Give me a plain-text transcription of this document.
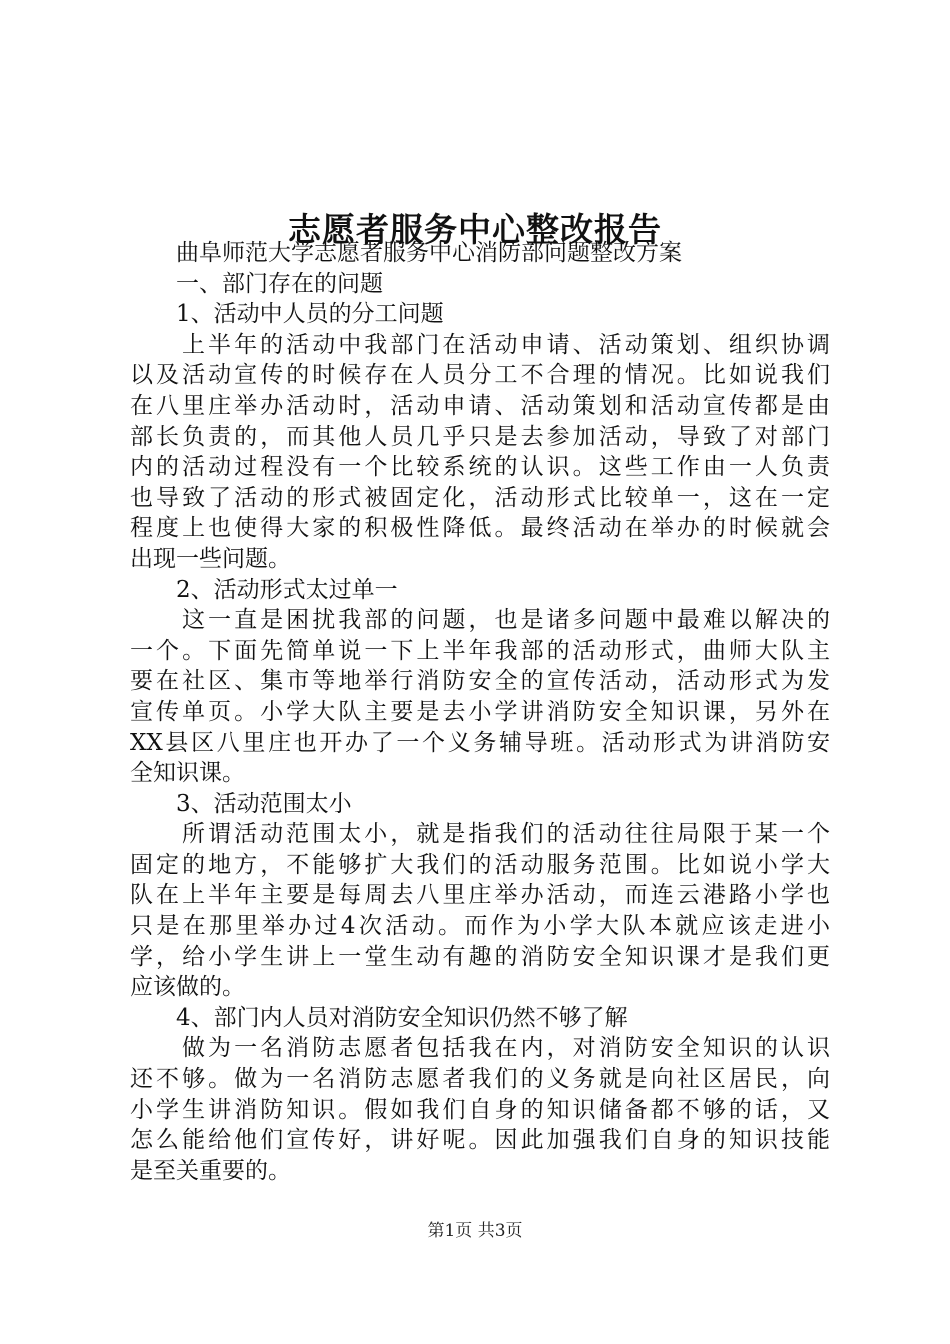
志愿者服务中心整改报告

曲阜师范大学志愿者服务中心消防部问题整改方案

一、部门存在的问题

1、活动中人员的分工问题

上半年的活动中我部门在活动申请、活动策划、组织协调

以及活动宣传的时候存在人员分工不合理的情况。比如说我们

在八里庄举办活动时，活动申请、活动策划和活动宣传都是由

部长负责的，而其他人员几乎只是去参加活动，导致了对部门

内的活动过程没有一个比较系统的认识。这些工作由一人负责

也导致了活动的形式被固定化，活动形式比较单一，这在一定

程度上也使得大家的积极性降低。最终活动在举办的时候就会

出现一些问题。

2、活动形式太过单一

这一直是困扰我部的问题，也是诸多问题中最难以解决的

一个。下面先简单说一下上半年我部的活动形式，曲师大队主

要在社区、集市等地举行消防安全的宣传活动，活动形式为发

宣传单页。小学大队主要是去小学讲消防安全知识课，另外在

XX县区八里庄也开办了一个义务辅导班。活动形式为讲消防安

全知识课。

3、活动范围太小

所谓活动范围太小，就是指我们的活动往往局限于某一个

固定的地方，不能够扩大我们的活动服务范围。比如说小学大

队在上半年主要是每周去八里庄举办活动，而连云港路小学也

只是在那里举办过4次活动。而作为小学大队本就应该走进小

学，给小学生讲上一堂生动有趣的消防安全知识课才是我们更

应该做的。

4、部门内人员对消防安全知识仍然不够了解

做为一名消防志愿者包括我在内，对消防安全知识的认识

还不够。做为一名消防志愿者我们的义务就是向社区居民，向

小学生讲消防知识。假如我们自身的知识储备都不够的话，又

怎么能给他们宣传好，讲好呢。因此加强我们自身的知识技能

是至关重要的。

第1页 共3页
